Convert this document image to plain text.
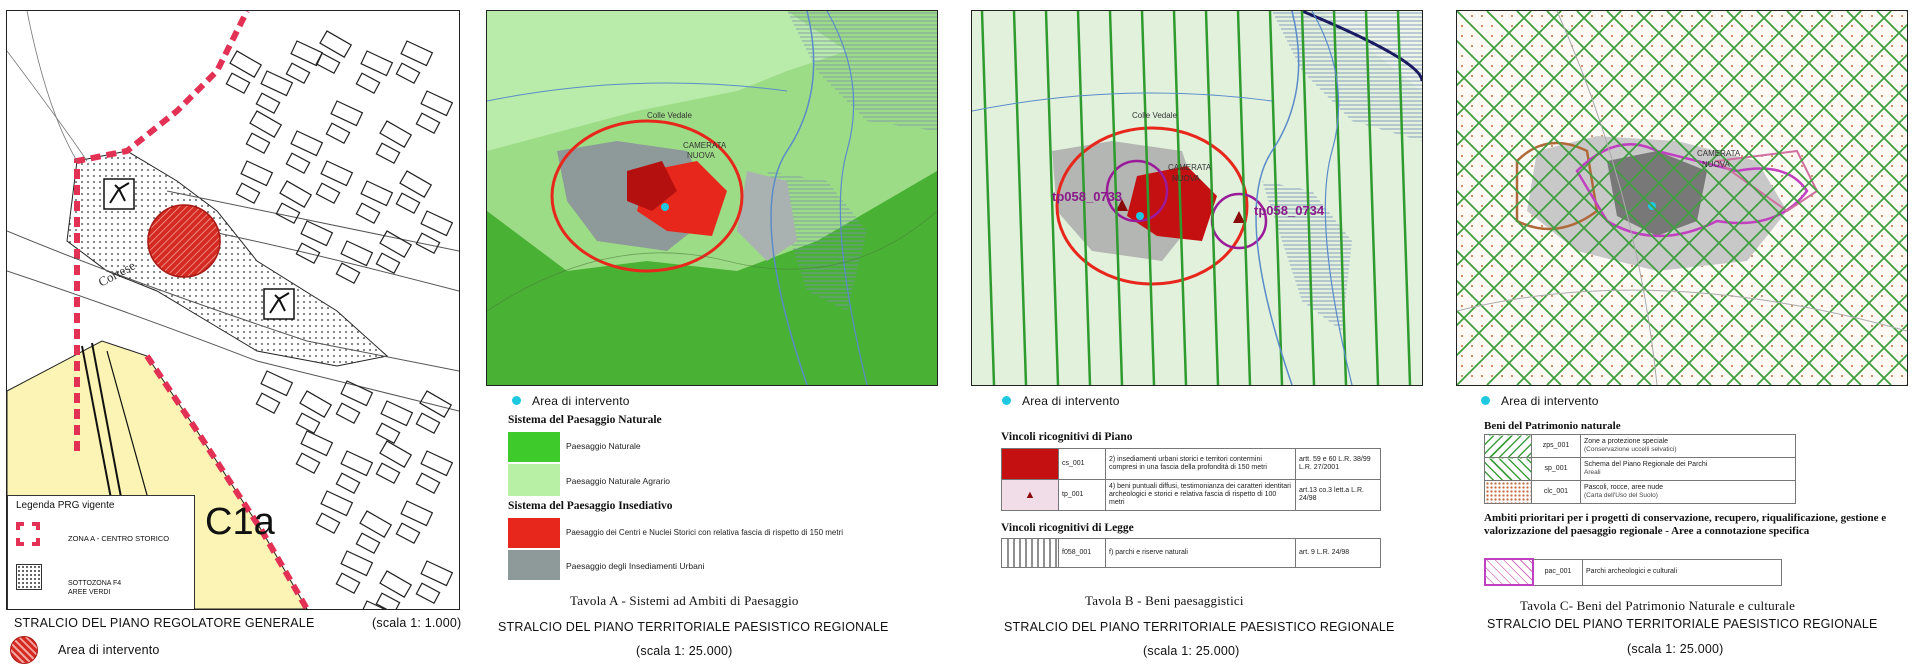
Cortese
C1a
Legenda PRG vigente
ZONA A - CENTRO STORICO
SOTTOZONA F4
AREE VERDI
STRALCIO DEL PIANO REGOLATORE GENERALE	(scala 1: 1.000)
Area di intervento
Colle Vedale
CAMERATA
NUOVA
Area di intervento
Sistema del Paesaggio Naturale
Paesaggio Naturale
Paesaggio Naturale Agrario
Sistema del Paesaggio Insediativo
Paesaggio dei Centri e Nuclei Storici con relativa fascia di rispetto di 150 metri
Paesaggio degli Insediamenti Urbani
Tavola A - Sistemi ad Ambiti di Paesaggio
STRALCIO DEL PIANO TERRITORIALE PAESISTICO REGIONALE
(scala 1: 25.000)
tp058_0733
tp058_0734
Colle Vedale
CAMERATA
NUOVA
Area di intervento
Vincoli ricognitivi di Piano
	cs_001	2) insediamenti urbani storici e territori contermini compresi in una fascia della profondità di 150 metri	artt. 59 e 60 L.R. 38/99 L.R. 27/2001
▲	tp_001	4) beni puntuali diffusi, testimonianza dei caratteri identitari archeologici e storici e relativa fascia di rispetto di 100 metri	art.13 co.3 lett.a L.R. 24/98
Vincoli ricognitivi di Legge
	f058_001	f) parchi e riserve naturali	art. 9 L.R. 24/98
Tavola B - Beni paesaggistici
STRALCIO DEL PIANO TERRITORIALE PAESISTICO REGIONALE
(scala 1: 25.000)
CAMERATA
NUOVA
Area di intervento
Beni del Patrimonio naturale
	zps_001	Zone a protezione speciale
(Conservazione uccelli selvatici)
	sp_001	Schema del Piano Regionale dei Parchi
Areali
	clc_001	Pascoli, rocce, aree nude
(Carta dell'Uso del Suolo)
Ambiti prioritari per i progetti di conservazione, recupero, riqualificazione, gestione e valorizzazione del paesaggio regionale - Aree a connotazione specifica
	pac_001	Parchi archeologici e culturali
Tavola C- Beni del Patrimonio Naturale e culturale
STRALCIO DEL PIANO TERRITORIALE PAESISTICO REGIONALE
(scala 1: 25.000)
